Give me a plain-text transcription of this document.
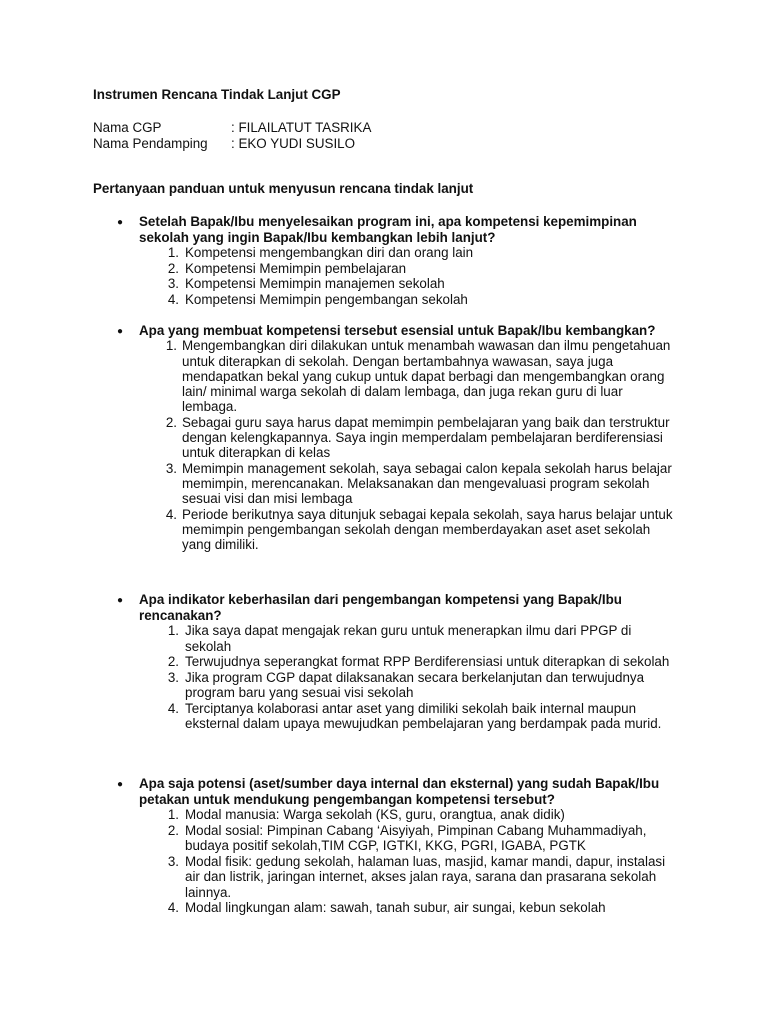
Instrumen Rencana Tindak Lanjut CGP
Nama CGP	: FILAILATUT TASRIKA
Nama Pendamping	: EKO YUDI SUSILO
Pertanyaan panduan untuk menyusun rencana tindak lanjut
● Setelah Bapak/Ibu menyelesaikan program ini, apa kompetensi kepemimpinan sekolah yang ingin Bapak/Ibu kembangkan lebih lanjut?
1. Kompetensi mengembangkan diri dan orang lain
2. Kompetensi Memimpin pembelajaran
3. Kompetensi Memimpin manajemen sekolah
4. Kompetensi Memimpin pengembangan sekolah
● Apa yang membuat kompetensi tersebut esensial untuk Bapak/Ibu kembangkan?
1. Mengembangkan diri dilakukan untuk menambah wawasan dan ilmu pengetahuan untuk diterapkan di sekolah. Dengan bertambahnya wawasan, saya juga mendapatkan bekal yang cukup untuk dapat berbagi dan mengembangkan orang lain/ minimal warga sekolah di dalam lembaga, dan juga rekan guru di luar lembaga.
2. Sebagai guru saya harus dapat memimpin pembelajaran yang baik dan terstruktur dengan kelengkapannya. Saya ingin memperdalam pembelajaran berdiferensiasi untuk diterapkan di kelas
3. Memimpin management sekolah, saya sebagai calon kepala sekolah harus belajar memimpin, merencanakan. Melaksanakan dan mengevaluasi program sekolah sesuai visi dan misi lembaga
4. Periode berikutnya saya ditunjuk sebagai kepala sekolah, saya harus belajar untuk memimpin pengembangan sekolah dengan memberdayakan aset aset sekolah yang dimiliki.
● Apa indikator keberhasilan dari pengembangan kompetensi yang Bapak/Ibu rencanakan?
1. Jika saya dapat mengajak rekan guru untuk menerapkan ilmu dari PPGP di sekolah
2. Terwujudnya seperangkat format RPP Berdiferensiasi untuk diterapkan di sekolah
3. Jika program CGP dapat dilaksanakan secara berkelanjutan dan terwujudnya program baru yang sesuai visi sekolah
4. Terciptanya kolaborasi antar aset yang dimiliki sekolah baik internal maupun eksternal dalam upaya mewujudkan pembelajaran yang berdampak pada murid.
● Apa saja potensi (aset/sumber daya internal dan eksternal) yang sudah Bapak/Ibu petakan untuk mendukung pengembangan kompetensi tersebut?
1. Modal manusia: Warga sekolah (KS, guru, orangtua, anak didik)
2. Modal sosial: Pimpinan Cabang ‘Aisyiyah, Pimpinan Cabang Muhammadiyah, budaya positif sekolah,TIM CGP, IGTKI, KKG, PGRI, IGABA, PGTK
3. Modal fisik: gedung sekolah, halaman luas, masjid, kamar mandi, dapur, instalasi air dan listrik, jaringan internet, akses jalan raya, sarana dan prasarana sekolah lainnya.
4. Modal lingkungan alam: sawah, tanah subur, air sungai, kebun sekolah
